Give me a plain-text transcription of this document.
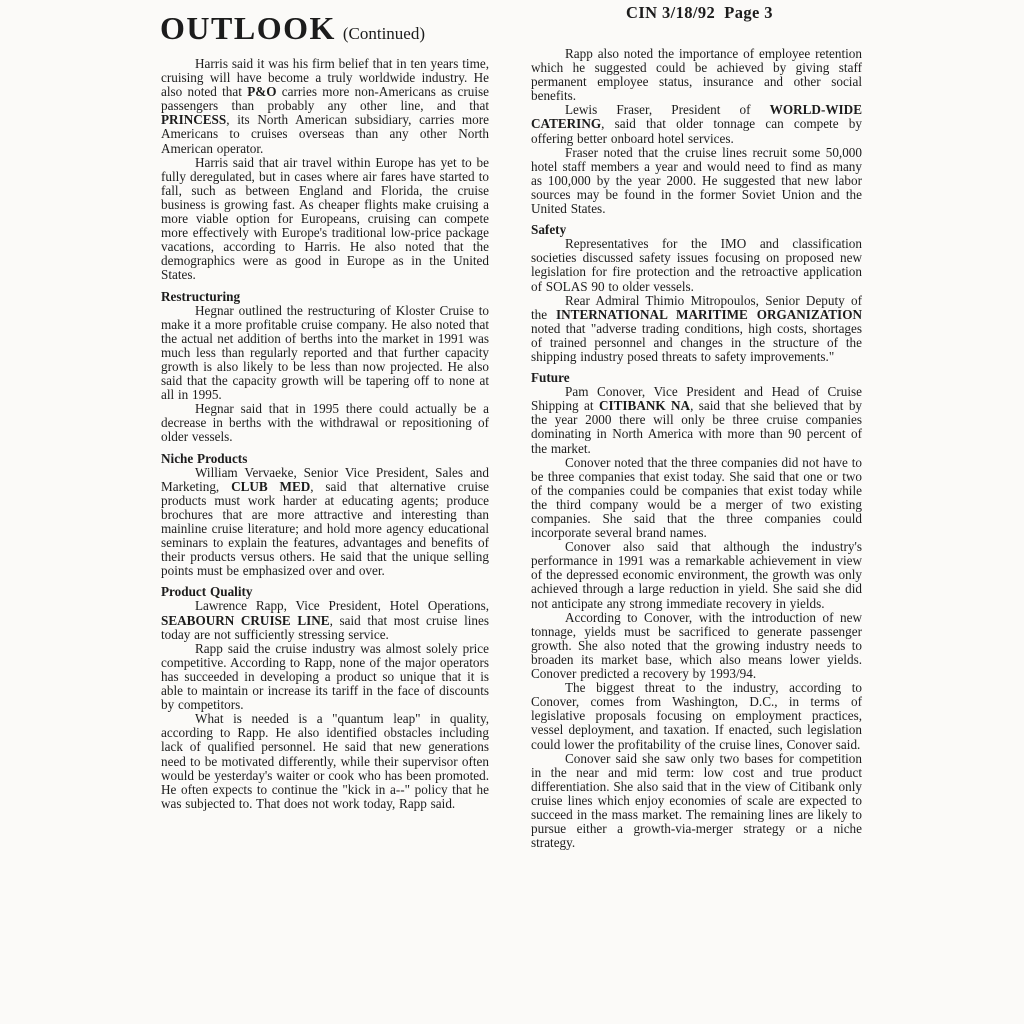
CIN 3/18/92  Page 3
OUTLOOK (Continued)

Harris said it was his firm belief that in ten years time, cruising will have become a truly worldwide industry. He also noted that P&O carries more non-Americans as cruise passengers than probably any other line, and that PRINCESS, its North American subsidiary, carries more Americans to cruises overseas than any other North American operator.

Harris said that air travel within Europe has yet to be fully deregulated, but in cases where air fares have started to fall, such as between England and Florida, the cruise business is growing fast. As cheaper flights make cruising a more viable option for Europeans, cruising can compete more effectively with Europe's traditional low-price package vacations, according to Harris. He also noted that the demographics were as good in Europe as in the United States.

Restructuring

Hegnar outlined the restructuring of Kloster Cruise to make it a more profitable cruise company. He also noted that the actual net addition of berths into the market in 1991 was much less than regularly reported and that further capacity growth is also likely to be less than now projected. He also said that the capacity growth will be tapering off to none at all in 1995.

Hegnar said that in 1995 there could actually be a decrease in berths with the withdrawal or repositioning of older vessels.

Niche Products

William Vervaeke, Senior Vice President, Sales and Marketing, CLUB MED, said that alternative cruise products must work harder at educating agents; produce brochures that are more attractive and interesting than mainline cruise literature; and hold more agency educational seminars to explain the features, advantages and benefits of their products versus others. He said that the unique selling points must be emphasized over and over.

Product Quality

Lawrence Rapp, Vice President, Hotel Operations, SEABOURN CRUISE LINE, said that most cruise lines today are not sufficiently stressing service.

Rapp said the cruise industry was almost solely price competitive. According to Rapp, none of the major operators has succeeded in developing a product so unique that it is able to maintain or increase its tariff in the face of discounts by competitors.

What is needed is a "quantum leap" in quality, according to Rapp. He also identified obstacles including lack of qualified personnel. He said that new generations need to be motivated differently, while their supervisor often would be yesterday's waiter or cook who has been promoted. He often expects to continue the "kick in a--" policy that he was subjected to. That does not work today, Rapp said.

Rapp also noted the importance of employee retention which he suggested could be achieved by giving staff permanent employee status, insurance and other social benefits.

Lewis Fraser, President of WORLD-WIDE CATERING, said that older tonnage can compete by offering better onboard hotel services.

Fraser noted that the cruise lines recruit some 50,000 hotel staff members a year and would need to find as many as 100,000 by the year 2000. He suggested that new labor sources may be found in the former Soviet Union and the United States.

Safety

Representatives for the IMO and classification societies discussed safety issues focusing on proposed new legislation for fire protection and the retroactive application of SOLAS 90 to older vessels.

Rear Admiral Thimio Mitropoulos, Senior Deputy of the INTERNATIONAL MARITIME ORGANIZATION noted that "adverse trading conditions, high costs, shortages of trained personnel and changes in the structure of the shipping industry posed threats to safety improvements."

Future

Pam Conover, Vice President and Head of Cruise Shipping at CITIBANK NA, said that she believed that by the year 2000 there will only be three cruise companies dominating in North America with more than 90 percent of the market.

Conover noted that the three companies did not have to be three companies that exist today. She said that one or two of the companies could be companies that exist today while the third company would be a merger of two existing companies. She said that the three companies could incorporate several brand names.

Conover also said that although the industry's performance in 1991 was a remarkable achievement in view of the depressed economic environment, the growth was only achieved through a large reduction in yield. She said she did not anticipate any strong immediate recovery in yields.

According to Conover, with the introduction of new tonnage, yields must be sacrificed to generate passenger growth. She also noted that the growing industry needs to broaden its market base, which also means lower yields. Conover predicted a recovery by 1993/94.

The biggest threat to the industry, according to Conover, comes from Washington, D.C., in terms of legislative proposals focusing on employment practices, vessel deployment, and taxation. If enacted, such legislation could lower the profitability of the cruise lines, Conover said.

Conover said she saw only two bases for competition in the near and mid term: low cost and true product differentiation. She also said that in the view of Citibank only cruise lines which enjoy economies of scale are expected to succeed in the mass market. The remaining lines are likely to pursue either a growth-via-merger strategy or a niche strategy.
